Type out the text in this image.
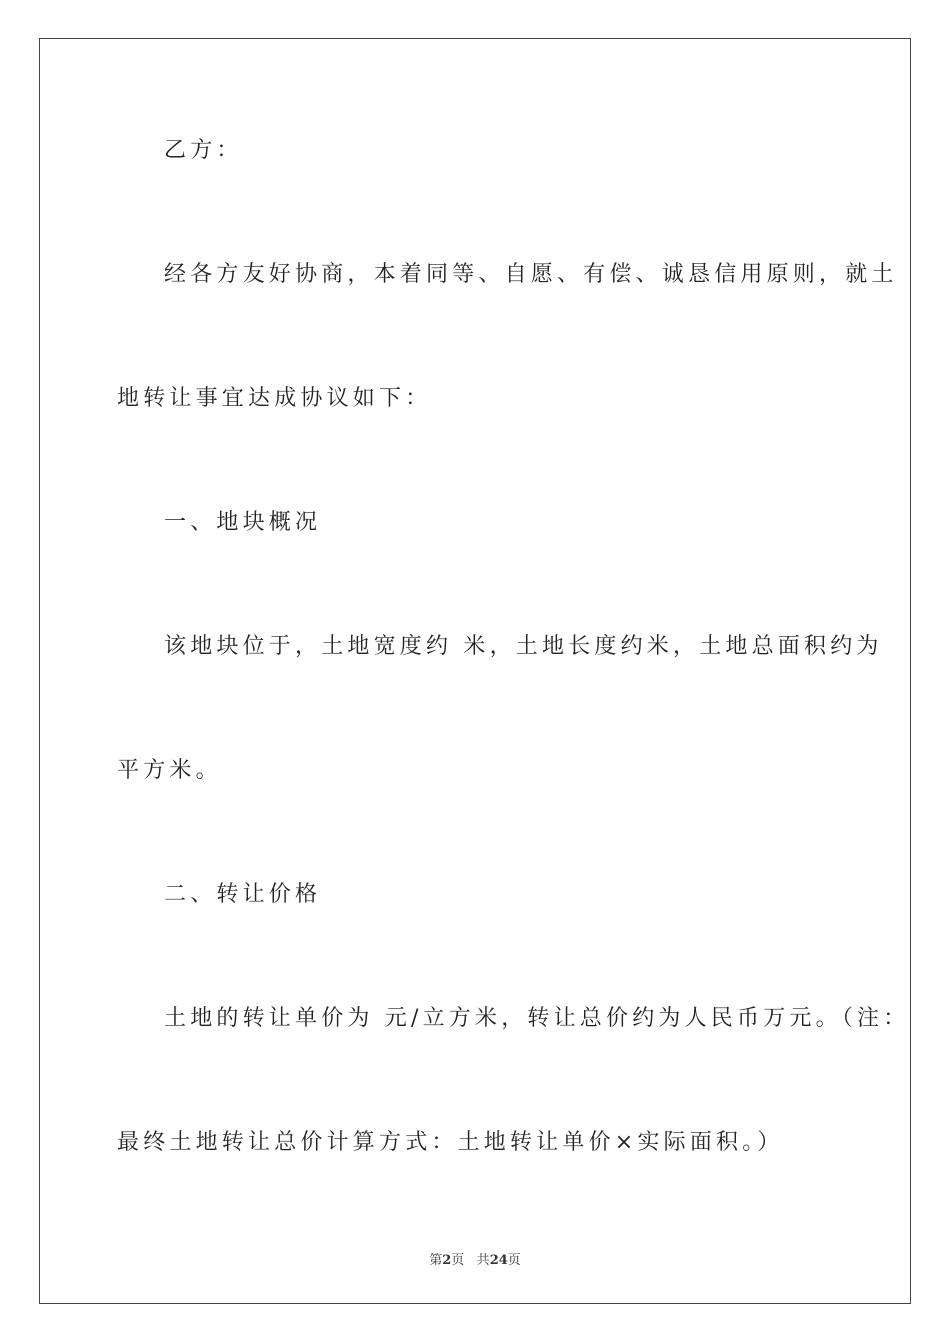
乙方：
经各方友好协商，本着同等、自愿、有偿、诚恳信用原则，就土
地转让事宜达成协议如下：
一、地块概况
该地块位于，土地宽度约 米，土地长度约米，土地总面积约为
平方米。
二、转让价格
土地的转让单价为 元/立方米，转让总价约为人民币万元。（注：
最终土地转让总价计算方式：土地转让单价×实际面积。）
第2页 共24页
